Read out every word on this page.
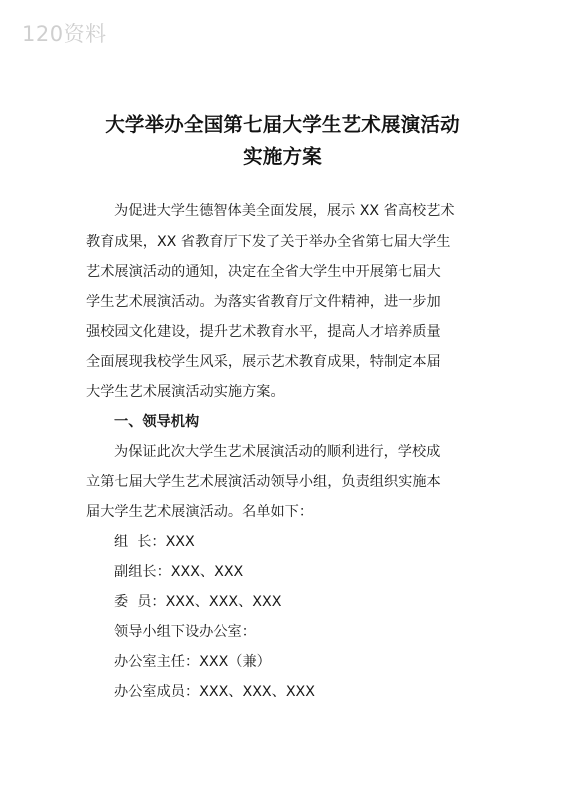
120资料
大学举办全国第七届大学生艺术展演活动
实施方案
为促进大学生德智体美全面发展，展示 XX 省高校艺术
教育成果，XX 省教育厅下发了关于举办全省第七届大学生
艺术展演活动的通知，决定在全省大学生中开展第七届大
学生艺术展演活动。为落实省教育厅文件精神，进一步加
强校园文化建设，提升艺术教育水平，提高人才培养质量
全面展现我校学生风采，展示艺术教育成果，特制定本届
大学生艺术展演活动实施方案。
一、领导机构
为保证此次大学生艺术展演活动的顺利进行，学校成
立第七届大学生艺术展演活动领导小组，负责组织实施本
届大学生艺术展演活动。名单如下：
组  长：XXX
副组长：XXX、XXX
委  员：XXX、XXX、XXX
领导小组下设办公室：
办公室主任：XXX（兼）
办公室成员：XXX、XXX、XXX
